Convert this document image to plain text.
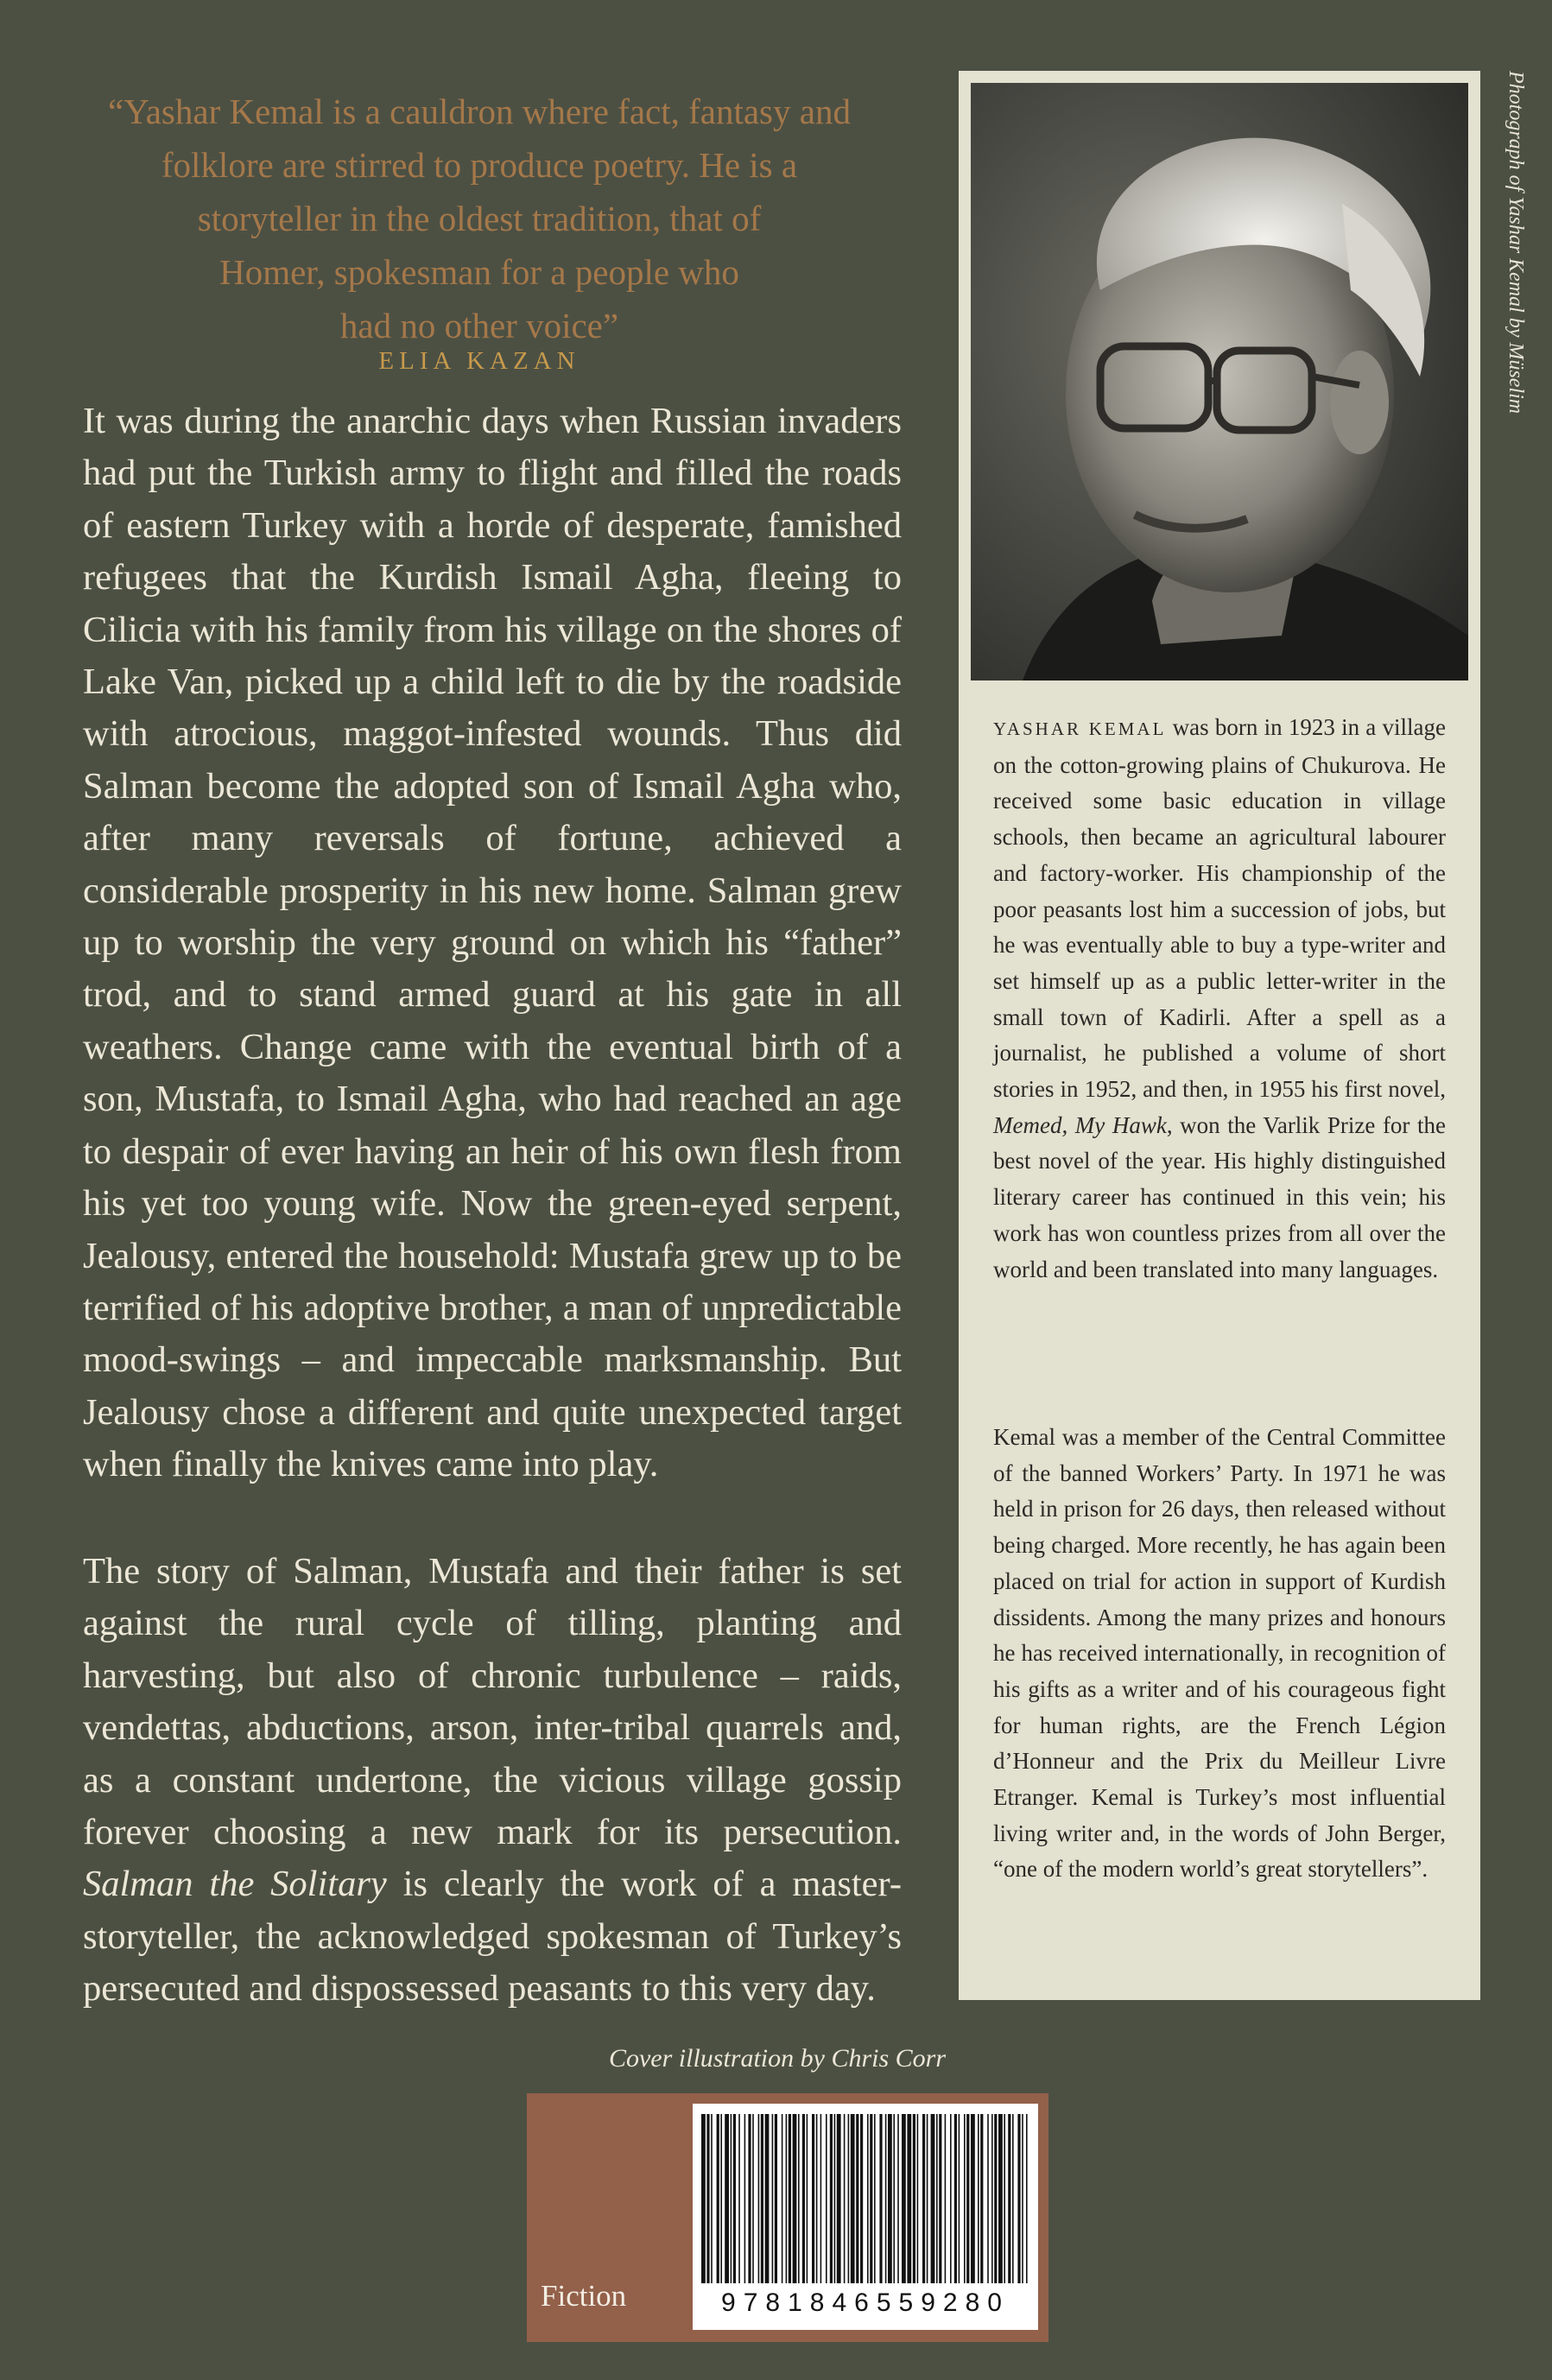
“Yashar Kemal is a cauldron where fact, fantasy and
folklore are stirred to produce poetry. He is a
storyteller in the oldest tradition, that of
Homer, spokesman for a people who
had no other voice”
ELIA KAZAN

It was during the anarchic days when Russian invaders had put the Turkish army to flight and filled the roads of eastern Turkey with a horde of desperate, famished refugees that the Kurdish Ismail Agha, fleeing to Cilicia with his family from his village on the shores of Lake Van, picked up a child left to die by the roadside with atrocious, maggot-infested wounds. Thus did Salman become the adopted son of Ismail Agha who, after many reversals of fortune, achieved a considerable prosperity in his new home. Salman grew up to worship the very ground on which his “father” trod, and to stand armed guard at his gate in all weathers. Change came with the eventual birth of a son, Mustafa, to Ismail Agha, who had reached an age to despair of ever having an heir of his own flesh from his yet too young wife. Now the green-eyed serpent, Jealousy, entered the household: Mustafa grew up to be terrified of his adoptive brother, a man of unpredictable mood-swings – and impeccable marksmanship. But Jealousy chose a different and quite unexpected target when finally the knives came into play.

The story of Salman, Mustafa and their father is set against the rural cycle of tilling, planting and harvesting, but also of chronic turbulence – raids, vendettas, abductions, arson, inter-tribal quarrels and, as a constant undertone, the vicious village gossip forever choosing a new mark for its persecution. Salman the Solitary is clearly the work of a master-storyteller, the acknowledged spokesman of Turkey’s persecuted and dispossessed peasants to this very day.

YASHAR KEMAL was born in 1923 in a village on the cotton-growing plains of Chukurova. He received some basic education in village schools, then became an agricultural labourer and factory-worker. His championship of the poor peasants lost him a succession of jobs, but he was eventually able to buy a type-writer and set himself up as a public letter-writer in the small town of Kadirli. After a spell as a journalist, he published a volume of short stories in 1952, and then, in 1955 his first novel, Memed, My Hawk, won the Varlik Prize for the best novel of the year. His highly distinguished literary career has continued in this vein; his work has won countless prizes from all over the world and been translated into many languages.

Kemal was a member of the Central Committee of the banned Workers’ Party. In 1971 he was held in prison for 26 days, then released without being charged. More recently, he has again been placed on trial for action in support of Kurdish dissidents. Among the many prizes and honours he has received internationally, in recognition of his gifts as a writer and of his courageous fight for human rights, are the French Légion d’Honneur and the Prix du Meilleur Livre Etranger. Kemal is Turkey’s most influential living writer and, in the words of John Berger, “one of the modern world’s great storytellers”.

Photograph of Yashar Kemal by Müselim
Cover illustration by Chris Corr
Fiction	9781846559280
